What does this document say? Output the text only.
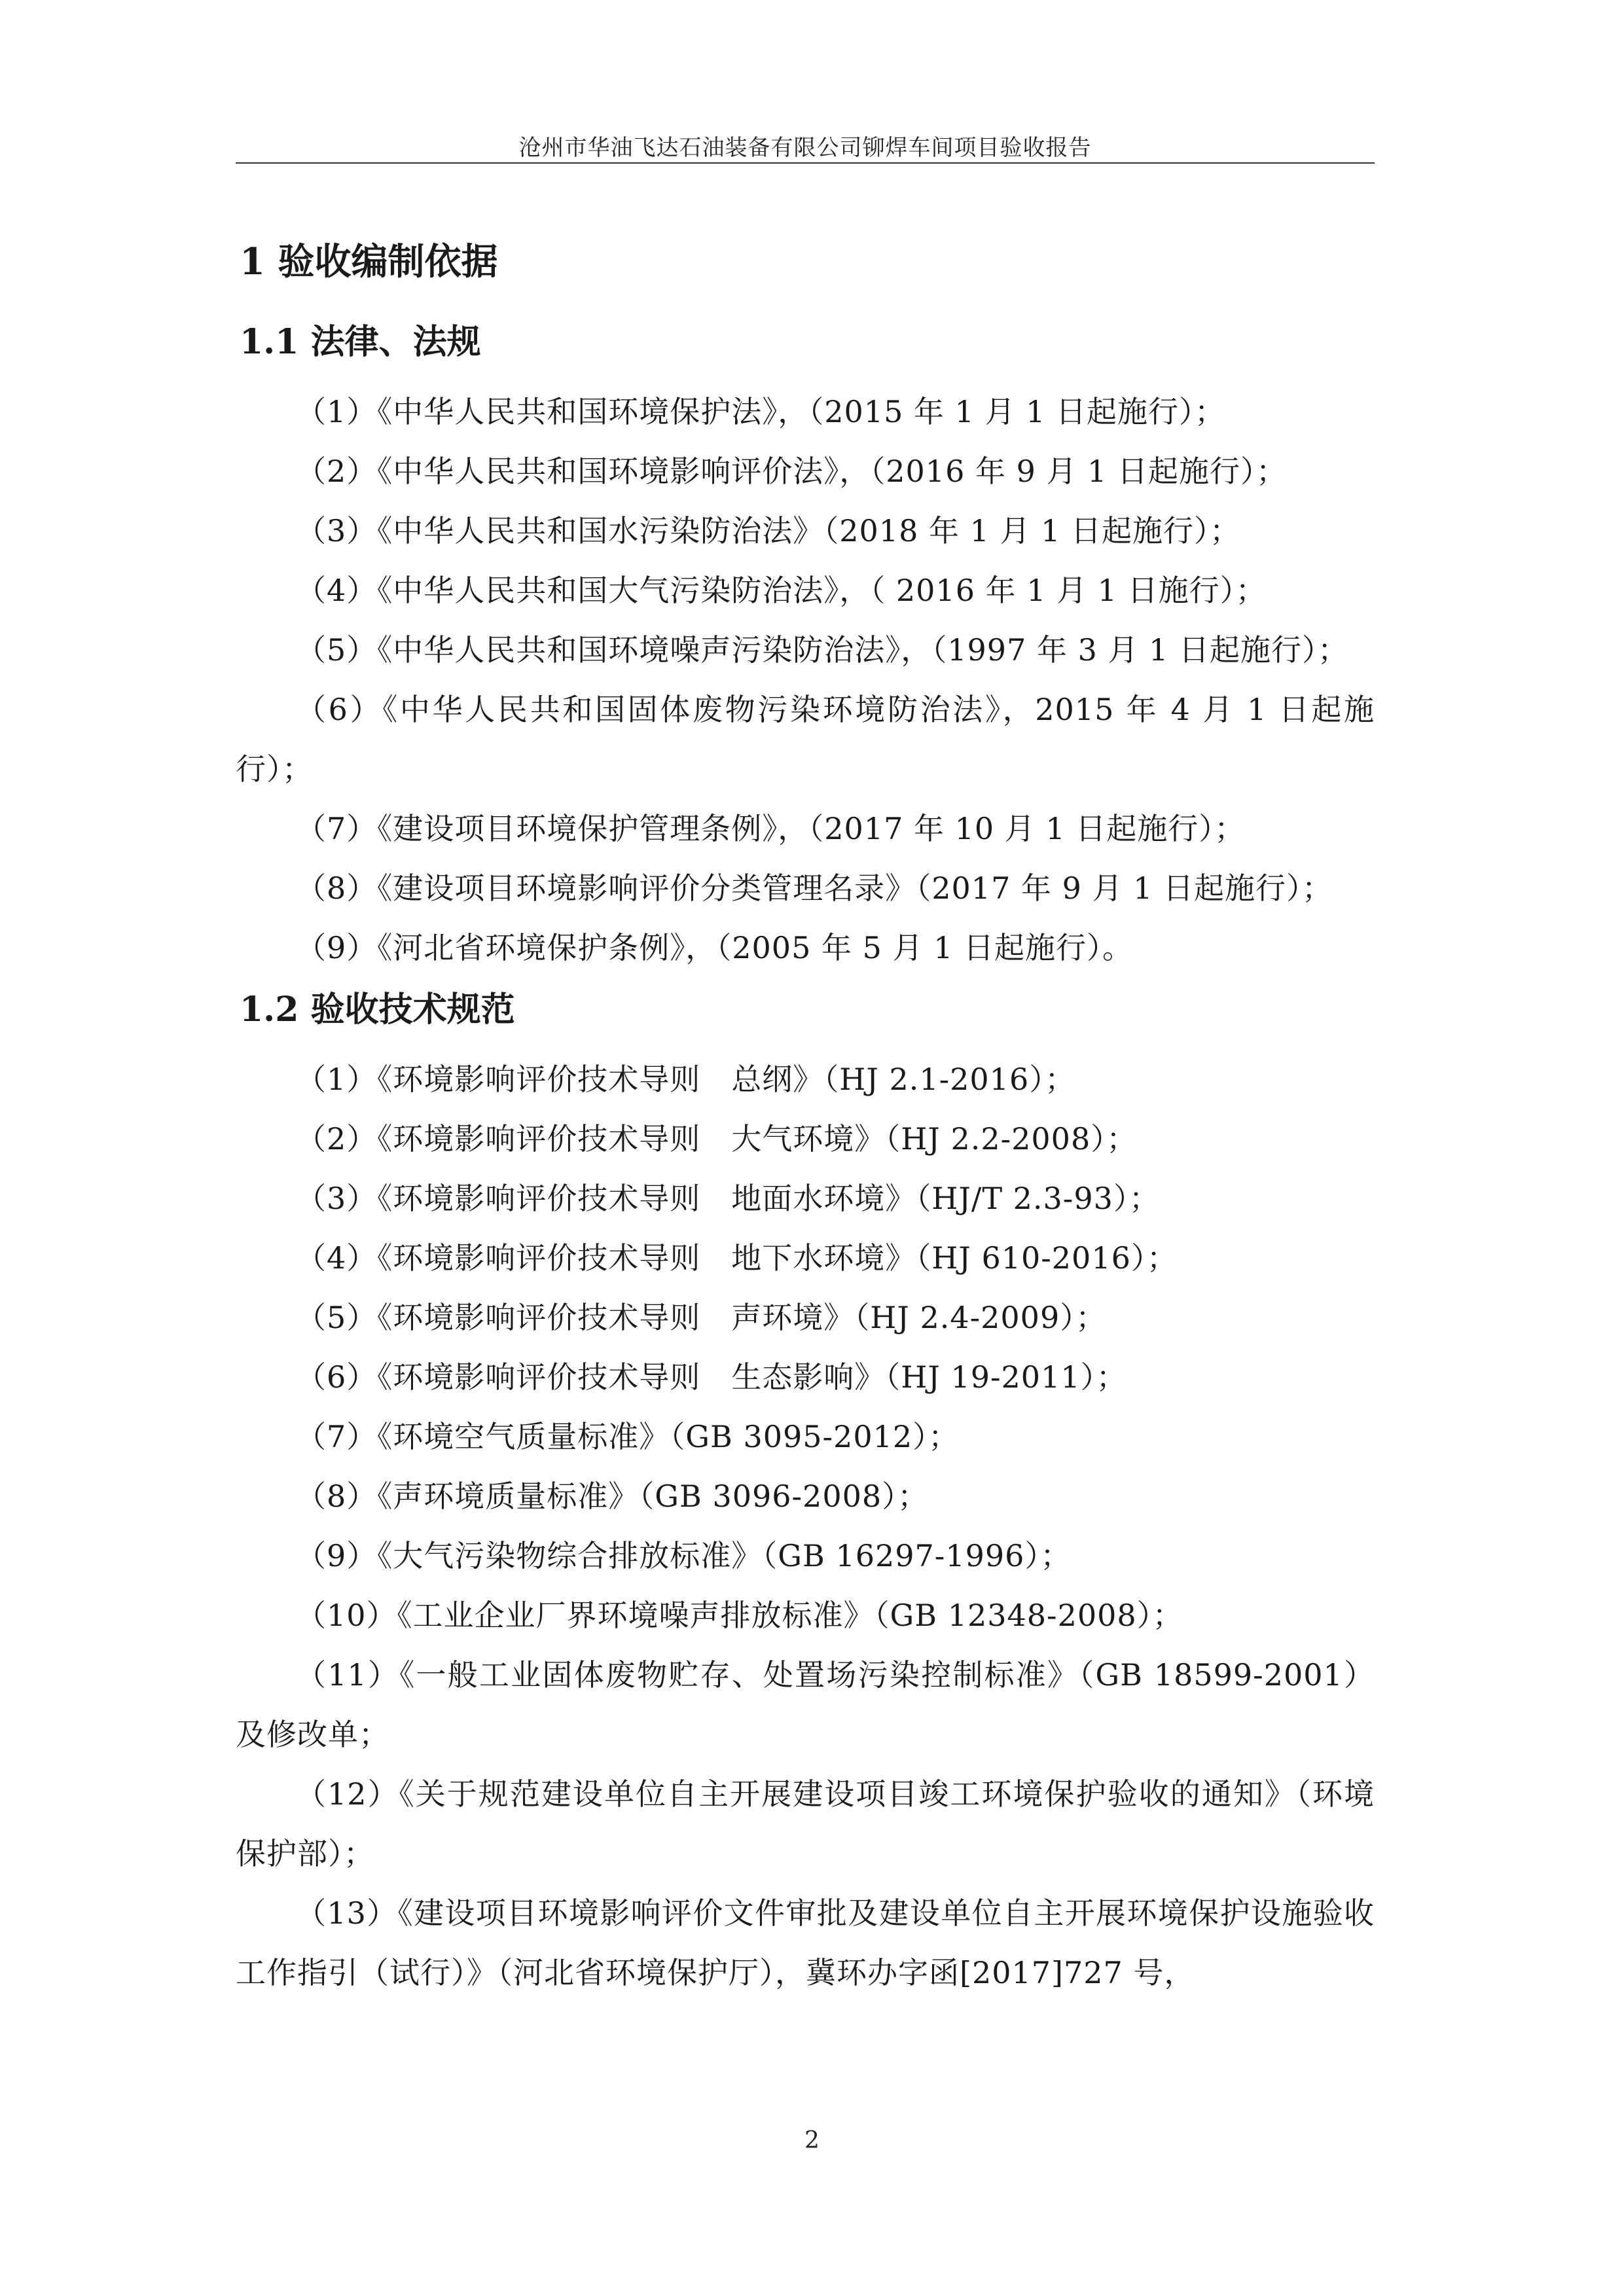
沧州市华油飞达石油装备有限公司铆焊车间项目验收报告
1 验收编制依据
1.1 法律、法规
（1）《中华人民共和国环境保护法》，（2015 年 1 月 1 日起施行）；
（2）《中华人民共和国环境影响评价法》，（2016 年 9 月 1 日起施行）；
（3）《中华人民共和国水污染防治法》（2018 年 1 月 1 日起施行）；
（4）《中华人民共和国大气污染防治法》，（ 2016 年 1 月 1 日施行）；
（5）《中华人民共和国环境噪声污染防治法》，（1997 年 3 月 1 日起施行）；
（6）《中华人民共和国固体废物污染环境防治法》，2015 年 4 月 1 日起施行）；
（7）《建设项目环境保护管理条例》，（2017 年 10 月 1 日起施行）；
（8）《建设项目环境影响评价分类管理名录》（2017 年 9 月 1 日起施行）；
（9）《河北省环境保护条例》，（2005 年 5 月 1 日起施行）。
1.2 验收技术规范
（1）《环境影响评价技术导则　总纲》（HJ 2.1-2016）；
（2）《环境影响评价技术导则　大气环境》（HJ 2.2-2008）；
（3）《环境影响评价技术导则　地面水环境》（HJ/T 2.3-93）；
（4）《环境影响评价技术导则　地下水环境》（HJ 610-2016）；
（5）《环境影响评价技术导则　声环境》（HJ 2.4-2009）；
（6）《环境影响评价技术导则　生态影响》（HJ 19-2011）；
（7）《环境空气质量标准》（GB 3095-2012）；
（8）《声环境质量标准》（GB 3096-2008）；
（9）《大气污染物综合排放标准》（GB 16297-1996）；
（10）《工业企业厂界环境噪声排放标准》（GB 12348-2008）；
（11）《一般工业固体废物贮存、处置场污染控制标准》（GB 18599-2001）及修改单；
（12）《关于规范建设单位自主开展建设项目竣工环境保护验收的通知》（环境保护部）；
（13）《建设项目环境影响评价文件审批及建设单位自主开展环境保护设施验收工作指引（试行）》（河北省环境保护厅），冀环办字函[2017]727 号，
2
